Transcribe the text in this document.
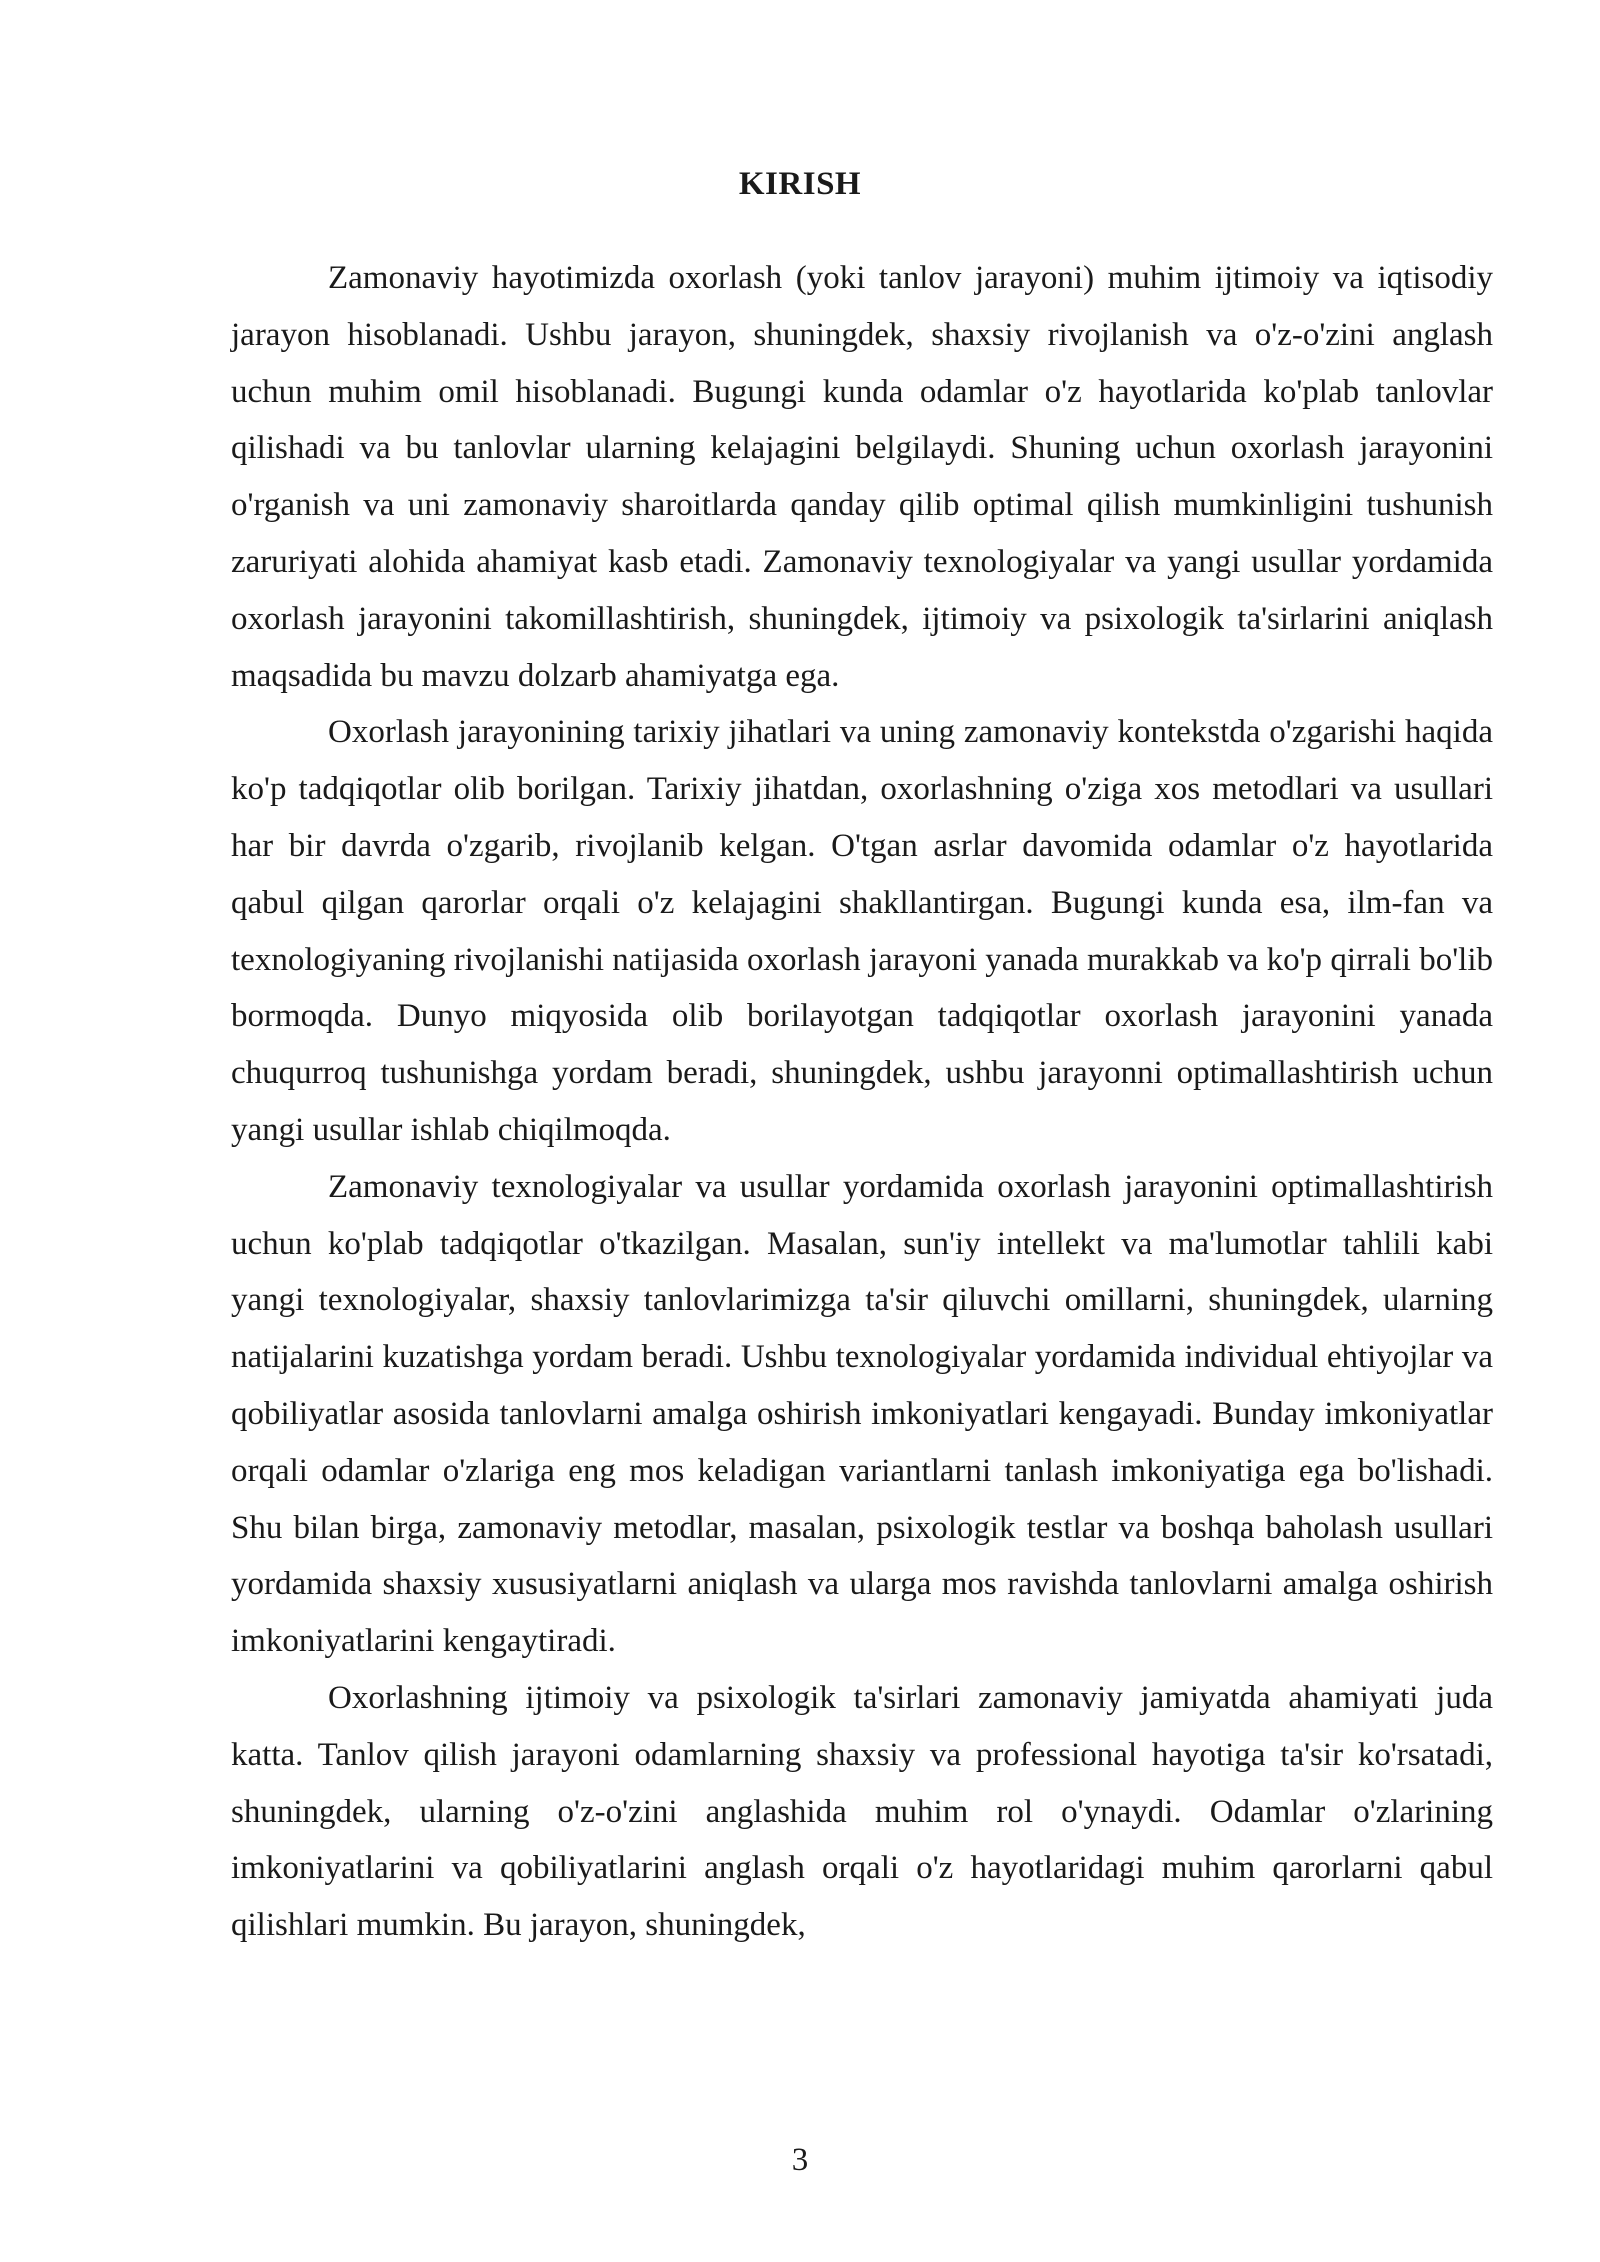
KIRISH

Zamonaviy hayotimizda oxorlash (yoki tanlov jarayoni) muhim ijtimoiy va iqtisodiy jarayon hisoblanadi. Ushbu jarayon, shuningdek, shaxsiy rivojlanish va o'z-o'zini anglash uchun muhim omil hisoblanadi. Bugungi kunda odamlar o'z hayotlarida ko'plab tanlovlar qilishadi va bu tanlovlar ularning kelajagini belgilaydi. Shuning uchun oxorlash jarayonini o'rganish va uni zamonaviy sharoitlarda qanday qilib optimal qilish mumkinligini tushunish zaruriyati alohida ahamiyat kasb etadi. Zamonaviy texnologiyalar va yangi usullar yordamida oxorlash jarayonini takomillashtirish, shuningdek, ijtimoiy va psixologik ta'sirlarini aniqlash maqsadida bu mavzu dolzarb ahamiyatga ega.

Oxorlash jarayonining tarixiy jihatlari va uning zamonaviy kontekstda o'zgarishi haqida ko'p tadqiqotlar olib borilgan. Tarixiy jihatdan, oxorlashning o'ziga xos metodlari va usullari har bir davrda o'zgarib, rivojlanib kelgan. O'tgan asrlar davomida odamlar o'z hayotlarida qabul qilgan qarorlar orqali o'z kelajagini shakllantirgan. Bugungi kunda esa, ilm-fan va texnologiyaning rivojlanishi natijasida oxorlash jarayoni yanada murakkab va ko'p qirrali bo'lib bormoqda. Dunyo miqyosida olib borilayotgan tadqiqotlar oxorlash jarayonini yanada chuqurroq tushunishga yordam beradi, shuningdek, ushbu jarayonni optimallashtirish uchun yangi usullar ishlab chiqilmoqda.

Zamonaviy texnologiyalar va usullar yordamida oxorlash jarayonini optimallashtirish uchun ko'plab tadqiqotlar o'tkazilgan. Masalan, sun'iy intellekt va ma'lumotlar tahlili kabi yangi texnologiyalar, shaxsiy tanlovlarimizga ta'sir qiluvchi omillarni, shuningdek, ularning natijalarini kuzatishga yordam beradi. Ushbu texnologiyalar yordamida individual ehtiyojlar va qobiliyatlar asosida tanlovlarni amalga oshirish imkoniyatlari kengayadi. Bunday imkoniyatlar orqali odamlar o'zlariga eng mos keladigan variantlarni tanlash imkoniyatiga ega bo'lishadi. Shu bilan birga, zamonaviy metodlar, masalan, psixologik testlar va boshqa baholash usullari yordamida shaxsiy xususiyatlarni aniqlash va ularga mos ravishda tanlovlarni amalga oshirish imkoniyatlarini kengaytiradi.

Oxorlashning ijtimoiy va psixologik ta'sirlari zamonaviy jamiyatda ahamiyati juda katta. Tanlov qilish jarayoni odamlarning shaxsiy va professional hayotiga ta'sir ko'rsatadi, shuningdek, ularning o'z-o'zini anglashida muhim rol o'ynaydi. Odamlar o'zlarining imkoniyatlarini va qobiliyatlarini anglash orqali o'z hayotlaridagi muhim qarorlarni qabul qilishlari mumkin. Bu jarayon, shuningdek,

3
